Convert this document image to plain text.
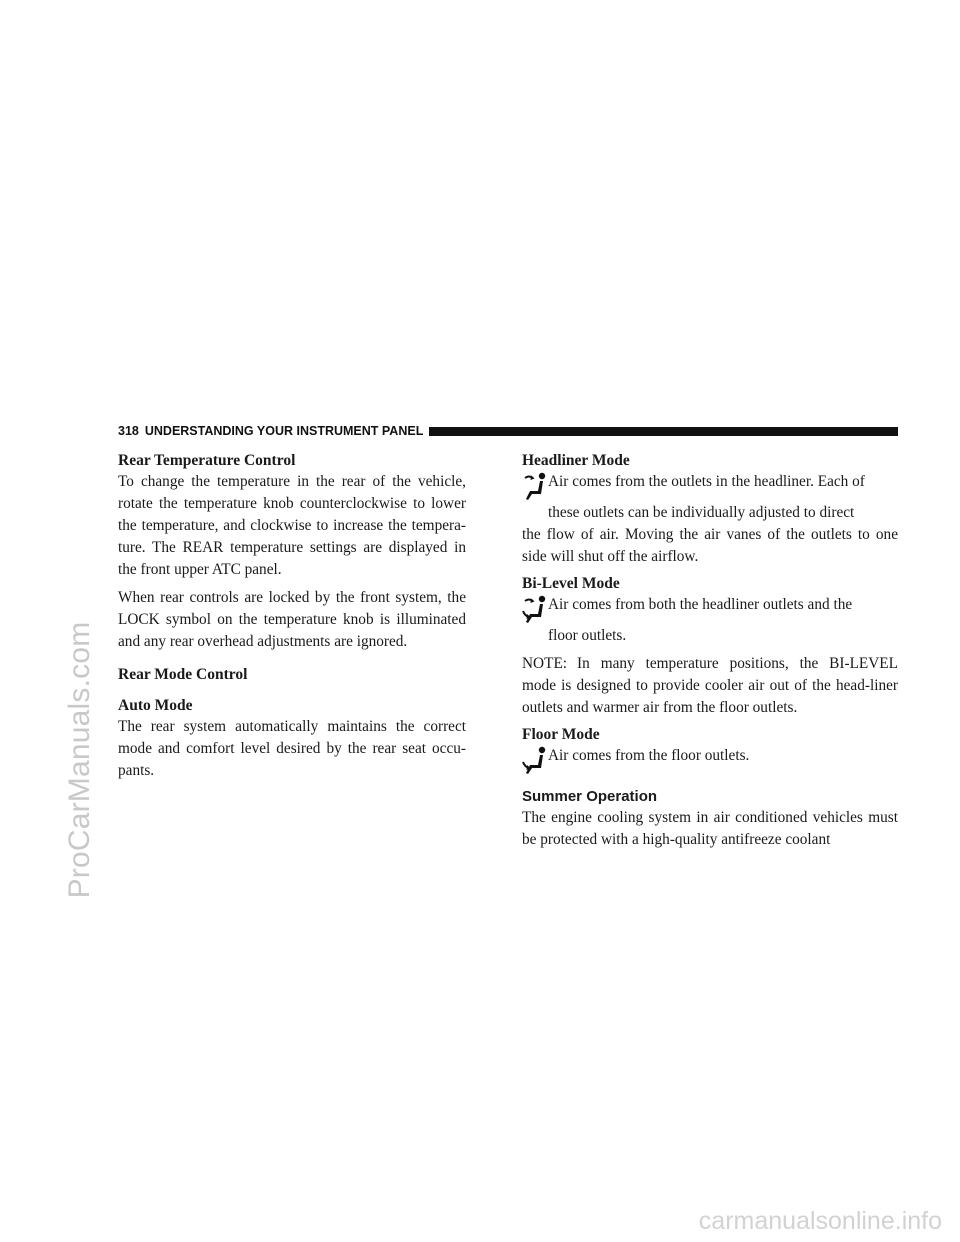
ProCarManuals.com
carmanualsonline.info
318 UNDERSTANDING YOUR INSTRUMENT PANEL
Rear Temperature Control

To change the temperature in the rear of the vehicle, rotate the temperature knob counterclockwise to lower the temperature, and clockwise to increase the tempera-ture. The REAR temperature settings are displayed in the front upper ATC panel.

When rear controls are locked by the front system, the LOCK symbol on the temperature knob is illuminated and any rear overhead adjustments are ignored.

Rear Mode Control
Auto Mode

The rear system automatically maintains the correct mode and comfort level desired by the rear seat occu-pants.

Headliner Mode
Air comes from the outlets in the headliner. Each of

these outlets can be individually adjusted to direct

the flow of air. Moving the air vanes of the outlets to one side will shut off the airflow.

Bi-Level Mode
Air comes from both the headliner outlets and the

floor outlets.

NOTE: In many temperature positions, the BI-LEVEL mode is designed to provide cooler air out of the head-liner outlets and warmer air from the floor outlets.

Floor Mode
Air comes from the floor outlets.
Summer Operation

The engine cooling system in air conditioned vehicles must be protected with a high-quality antifreeze coolant
